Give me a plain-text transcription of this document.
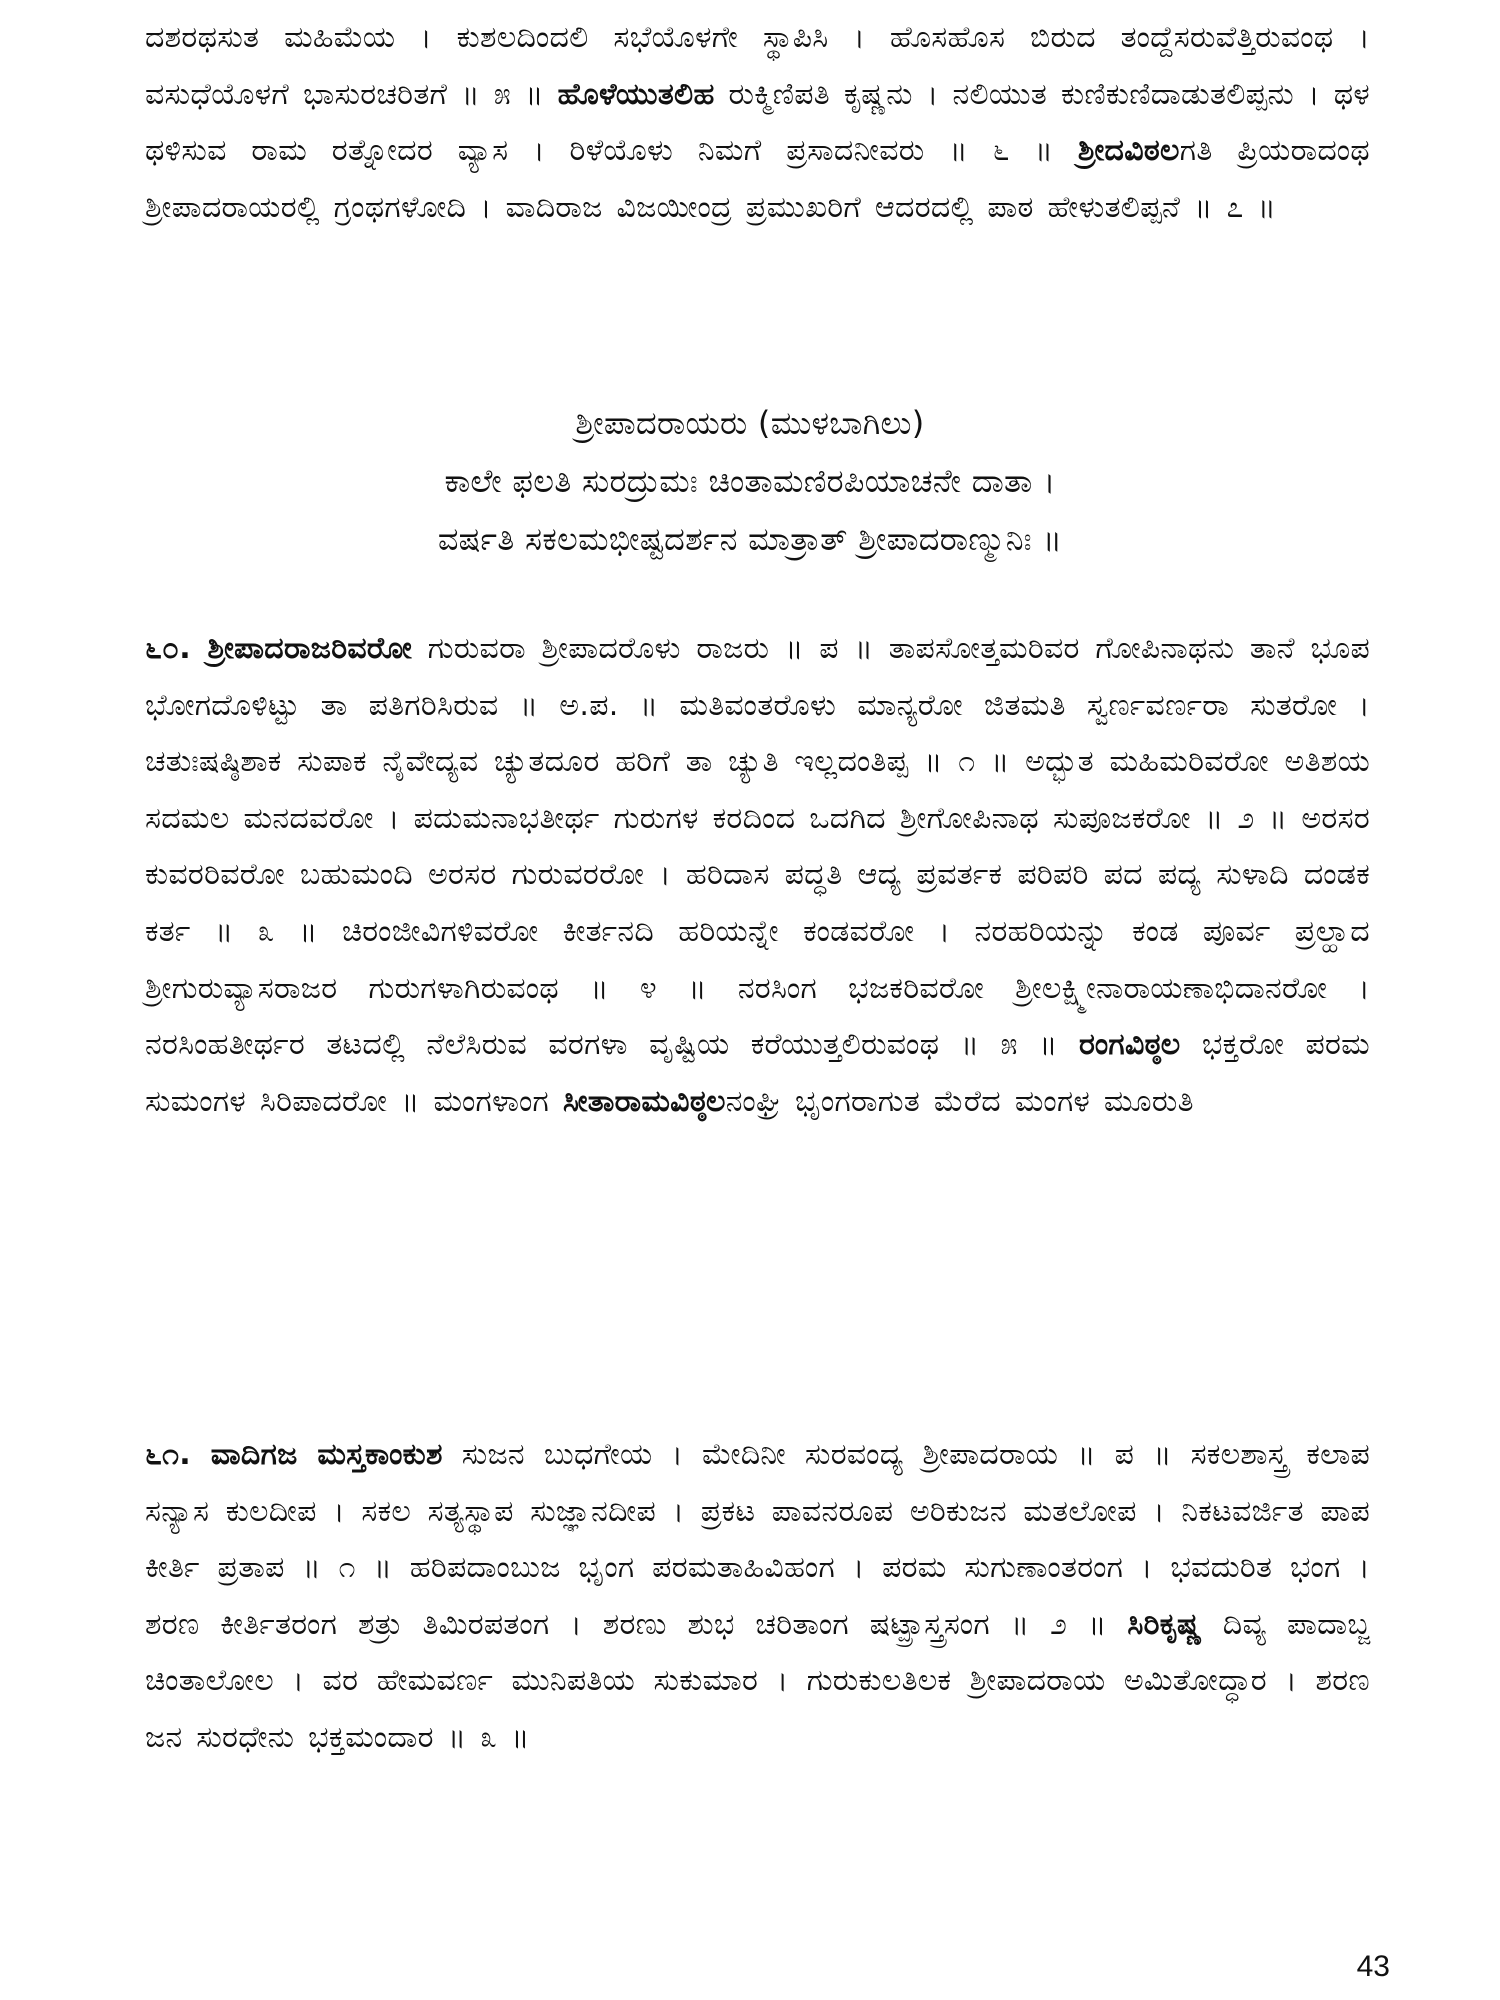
ದಶರಥಸುತ ಮಹಿಮೆಯ । ಕುಶಲದಿಂದಲಿ ಸಭೆಯೊಳಗೇ ಸ್ಥಾಪಿಸಿ । ಹೊಸಹೊಸ ಬಿರುದ ತಂದ್ದೆಸರುವೆತ್ತಿರುವಂಥ । ವಸುಧೆಯೊಳಗೆ ಭಾಸುರಚರಿತಗೆ ॥ ೫ ॥ ಹೊಳೆಯುತಲಿಹ ರುಕ್ಮಿಣಿಪತಿ ಕೃಷ್ಣನು । ನಲಿಯುತ ಕುಣಿಕುಣಿದಾಡುತಲಿಪ್ಪನು । ಥಳ ಥಳಿಸುವ ರಾಮ ರತ್ನೋದರ ವ್ಯಾಸ । ರಿಳೆಯೊಳು ನಿಮಗೆ ಪ್ರಸಾದನೀವರು ॥ ೬ ॥ ಶ್ರೀದವಿಠಲಗತಿ ಪ್ರಿಯರಾದಂಥ ಶ್ರೀಪಾದರಾಯರಲ್ಲಿ ಗ್ರಂಥಗಳೋದಿ । ವಾದಿರಾಜ ವಿಜಯೀಂದ್ರ ಪ್ರಮುಖರಿಗೆ ಆದರದಲ್ಲಿ ಪಾಠ ಹೇಳುತಲಿಪ್ಪನೆ ॥ ೭ ॥
ಶ್ರೀಪಾದರಾಯರು (ಮುಳಬಾಗಿಲು)
ಕಾಲೇ ಫಲತಿ ಸುರದ್ರುಮಃ ಚಿಂತಾಮಣಿರಪಿಯಾಚನೇ ದಾತಾ ।
ವರ್ಷತಿ ಸಕಲಮಭೀಷ್ಟದರ್ಶನ ಮಾತ್ರಾತ್ ಶ್ರೀಪಾದರಾಣ್ಮುನಿಃ ॥
೬೦. ಶ್ರೀಪಾದರಾಜರಿವರೋ ಗುರುವರಾ ಶ್ರೀಪಾದರೊಳು ರಾಜರು ॥ ಪ ॥ ತಾಪಸೋತ್ತಮರಿವರ ಗೋಪಿನಾಥನು ತಾನೆ ಭೂಪ ಭೋಗದೊಳಿಟ್ಟು ತಾ ಪತಿಗರಿಸಿರುವ ॥ ಅ.ಪ. ॥ ಮತಿವಂತರೊಳು ಮಾನ್ಯರೋ ಜಿತಮತಿ ಸ್ವರ್ಣವರ್ಣರಾ ಸುತರೋ । ಚತುಃಷಷ್ಠಿಶಾಕ ಸುಪಾಕ ನೈವೇದ್ಯವ ಚ್ಯುತದೂರ ಹರಿಗೆ ತಾ ಚ್ಯುತಿ ಇಲ್ಲದಂತಿಪ್ಪ ॥ ೧ ॥ ಅದ್ಭುತ ಮಹಿಮರಿವರೋ ಅತಿಶಯ ಸದಮಲ ಮನದವರೋ । ಪದುಮನಾಭತೀರ್ಥ ಗುರುಗಳ ಕರದಿಂದ ಒದಗಿದ ಶ್ರೀಗೋಪಿನಾಥ ಸುಪೂಜಕರೋ ॥ ೨ ॥ ಅರಸರ ಕುವರರಿವರೋ ಬಹುಮಂದಿ ಅರಸರ ಗುರುವರರೋ । ಹರಿದಾಸ ಪದ್ಧತಿ ಆದ್ಯ ಪ್ರವರ್ತಕ ಪರಿಪರಿ ಪದ ಪದ್ಯ ಸುಳಾದಿ ದಂಡಕ ಕರ್ತ ॥ ೩ ॥ ಚಿರಂಜೀವಿಗಳಿವರೋ ಕೀರ್ತನದಿ ಹರಿಯನ್ನೇ ಕಂಡವರೋ । ನರಹರಿಯನ್ನು ಕಂಡ ಪೂರ್ವ ಪ್ರಲ್ಹಾದ ಶ್ರೀಗುರುವ್ಯಾಸರಾಜರ ಗುರುಗಳಾಗಿರುವಂಥ ॥ ೪ ॥ ನರಸಿಂಗ ಭಜಕರಿವರೋ ಶ್ರೀಲಕ್ಷ್ಮೀನಾರಾಯಣಾಭಿದಾನರೋ । ನರಸಿಂಹತೀರ್ಥರ ತಟದಲ್ಲಿ ನೆಲೆಸಿರುವ ವರಗಳಾ ವೃಷ್ಟಿಯ ಕರೆಯುತ್ತಲಿರುವಂಥ ॥ ೫ ॥ ರಂಗವಿಠ್ಠಲ ಭಕ್ತರೋ ಪರಮ ಸುಮಂಗಳ ಸಿರಿಪಾದರೋ ॥ ಮಂಗಳಾಂಗ ಸೀತಾರಾಮವಿಠ್ಠಲನಂಘ್ರಿ ಭೃಂಗರಾಗುತ ಮೆರೆದ ಮಂಗಳ ಮೂರುತಿ
೬೧. ವಾದಿಗಜ ಮಸ್ತಕಾಂಕುಶ ಸುಜನ ಬುಧಗೇಯ । ಮೇದಿನೀ ಸುರವಂದ್ಯ ಶ್ರೀಪಾದರಾಯ ॥ ಪ ॥ ಸಕಲಶಾಸ್ತ್ರ ಕಲಾಪ ಸನ್ಯಾಸ ಕುಲದೀಪ । ಸಕಲ ಸತ್ಯಸ್ಥಾಪ ಸುಜ್ಞಾನದೀಪ । ಪ್ರಕಟ ಪಾವನರೂಪ ಅರಿಕುಜನ ಮತಲೋಪ । ನಿಕಟವರ್ಜಿತ ಪಾಪ ಕೀರ್ತಿ ಪ್ರತಾಪ ॥ ೧ ॥ ಹರಿಪದಾಂಬುಜ ಭೃಂಗ ಪರಮತಾಹಿವಿಹಂಗ । ಪರಮ ಸುಗುಣಾಂತರಂಗ । ಭವದುರಿತ ಭಂಗ । ಶರಣ ಕೀರ್ತಿತರಂಗ ಶತ್ರು ತಿಮಿರಪತಂಗ । ಶರಣು ಶುಭ ಚರಿತಾಂಗ ಷಟ್ಪ್ರಾಸ್ತ್ರಸಂಗ ॥ ೨ ॥ ಸಿರಿಕೃಷ್ಣ ದಿವ್ಯ ಪಾದಾಬ್ಜ ಚಿಂತಾಲೋಲ । ವರ ಹೇಮವರ್ಣ ಮುನಿಪತಿಯ ಸುಕುಮಾರ । ಗುರುಕುಲತಿಲಕ ಶ್ರೀಪಾದರಾಯ ಅಮಿತೋದ್ಧಾರ । ಶರಣ ಜನ ಸುರಧೇನು ಭಕ್ತಮಂದಾರ ॥ ೩ ॥
43
